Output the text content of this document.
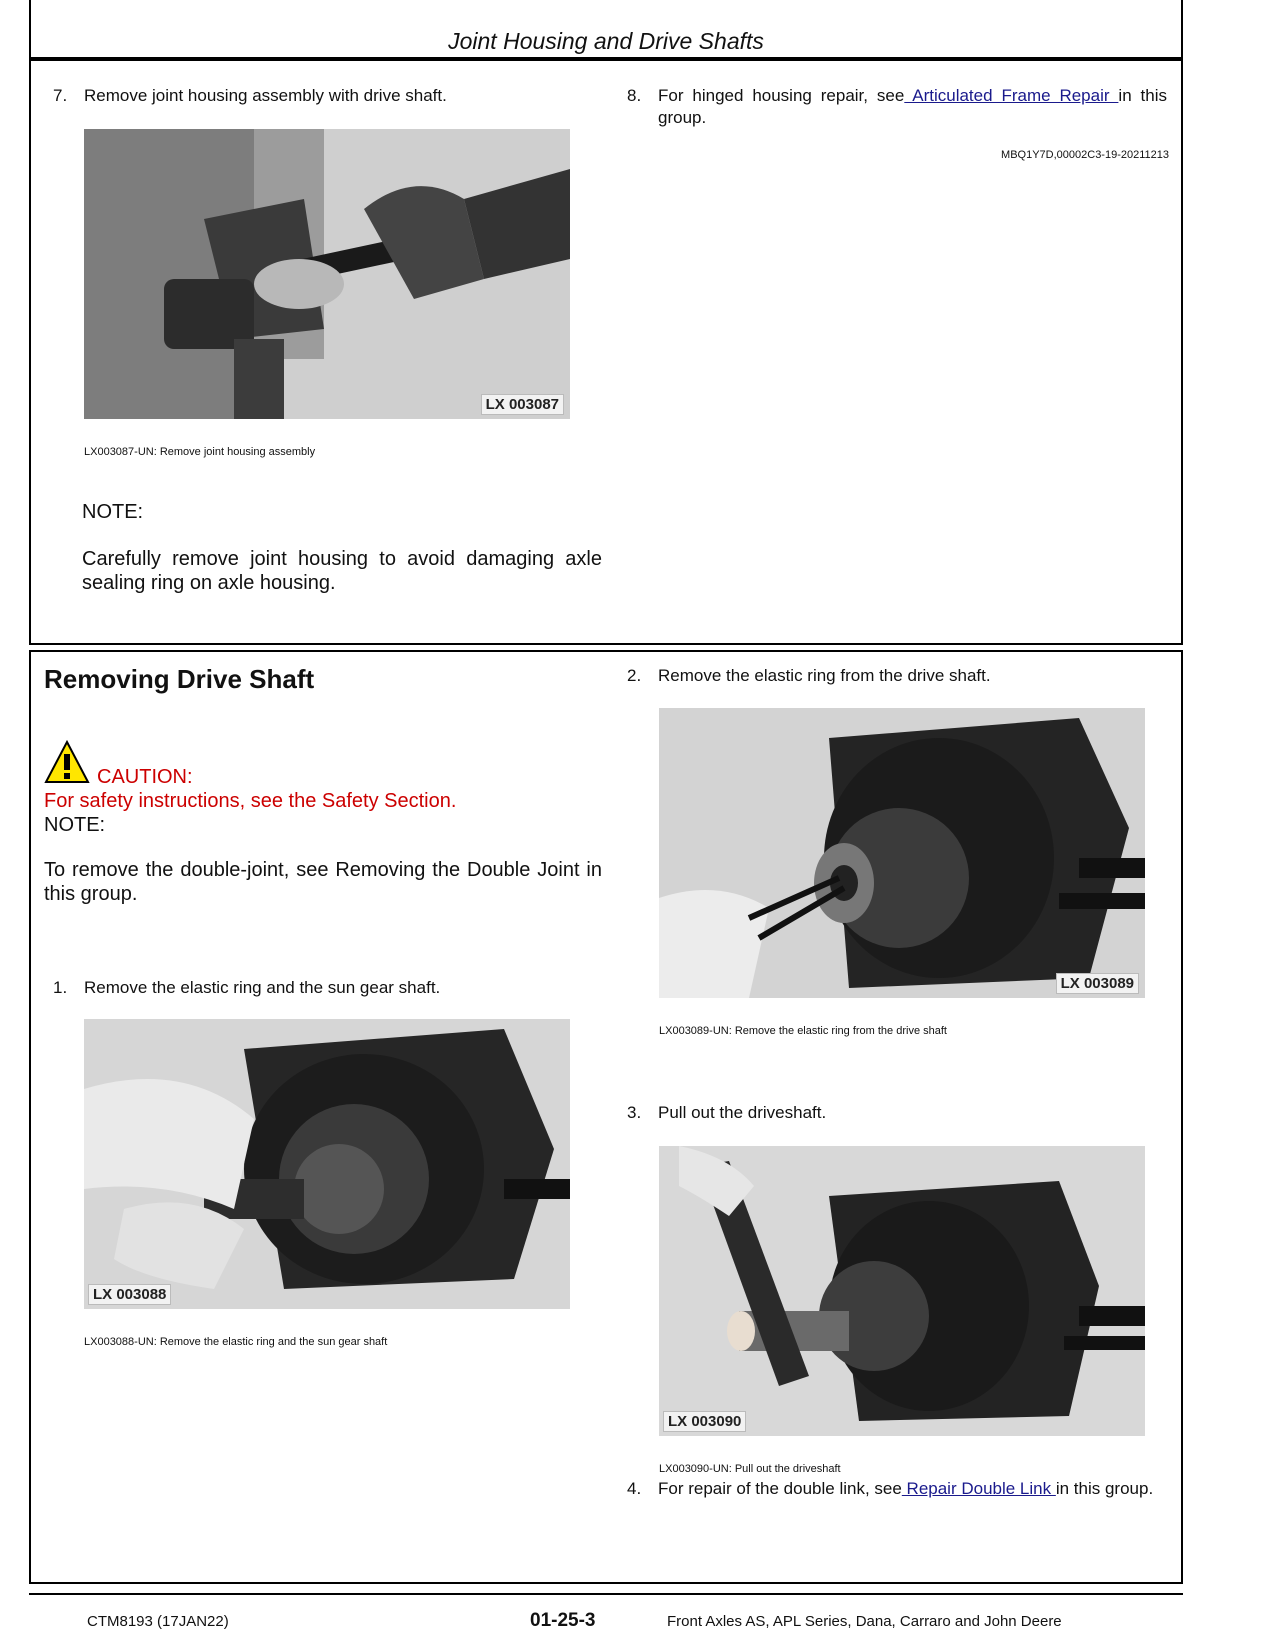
Joint Housing and Drive Shafts
7. Remove joint housing assembly with drive shaft.
LX 003087
LX003087-UN: Remove joint housing assembly
NOTE:
Carefully remove joint housing to avoid damaging axle sealing ring on axle housing.
8. For hinged housing repair, see Articulated Frame Repair in this group.
MBQ1Y7D,00002C3-19-20211213
Removing Drive Shaft
CAUTION:
For safety instructions, see the Safety Section.
NOTE:
To remove the double-joint, see Removing the Double Joint in this group.
1. Remove the elastic ring and the sun gear shaft.
LX 003088
LX003088-UN: Remove the elastic ring and the sun gear shaft
2. Remove the elastic ring from the drive shaft.
LX 003089
LX003089-UN: Remove the elastic ring from the drive shaft
3. Pull out the driveshaft.
LX 003090
LX003090-UN: Pull out the driveshaft
4. For repair of the double link, see Repair Double Link in this group.
CTM8193 (17JAN22)	01-25-3	Front Axles AS, APL Series, Dana, Carraro and John Deere
